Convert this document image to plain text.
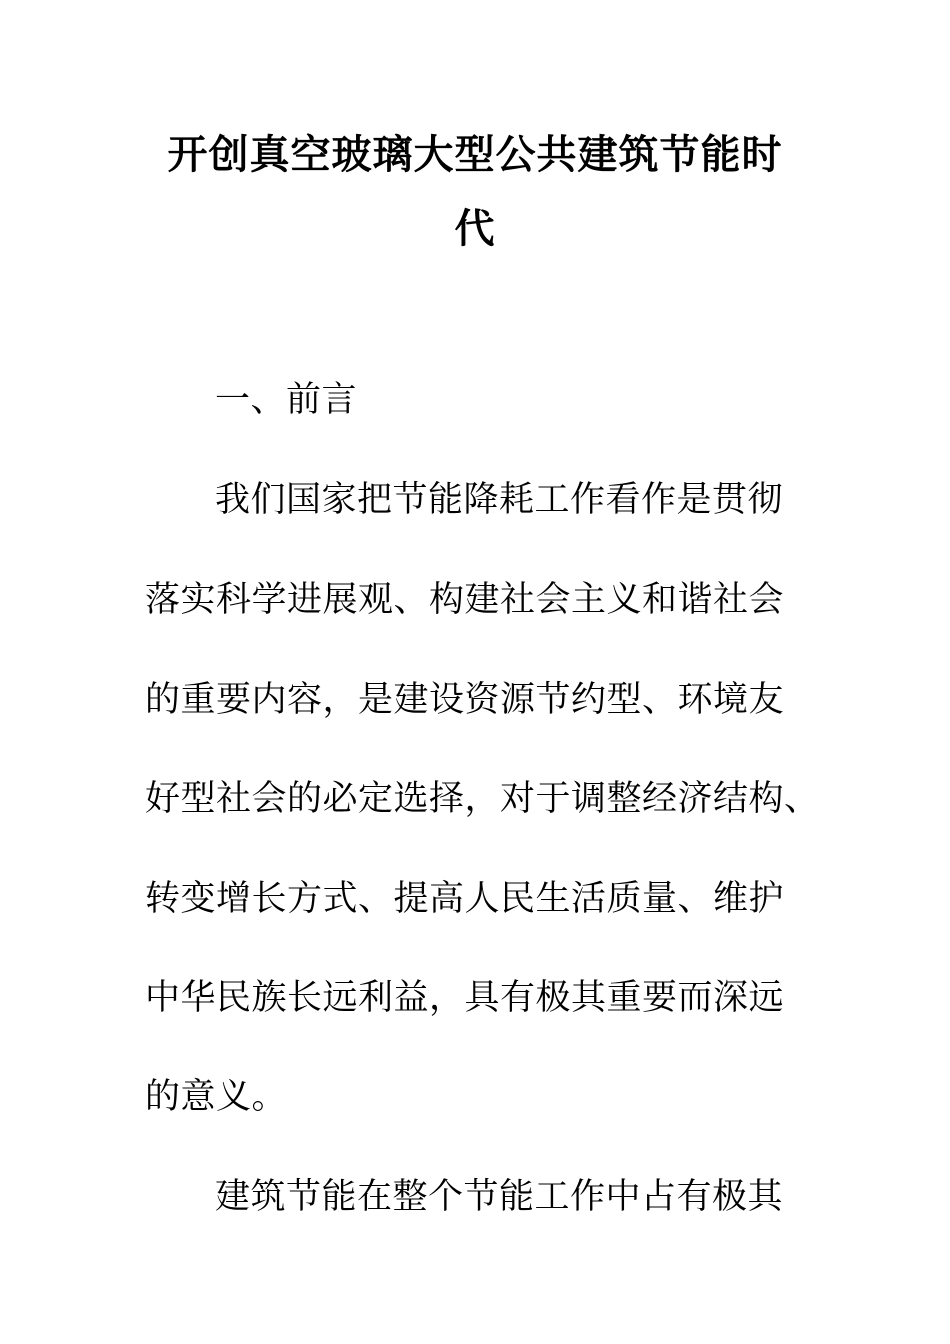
开创真空玻璃大型公共建筑节能时
代
一、前言
我们国家把节能降耗工作看作是贯彻
落实科学进展观、构建社会主义和谐社会
的重要内容，是建设资源节约型、环境友
好型社会的必定选择，对于调整经济结构、
转变增长方式、提高人民生活质量、维护
中华民族长远利益，具有极其重要而深远
的意义。
建筑节能在整个节能工作中占有极其
